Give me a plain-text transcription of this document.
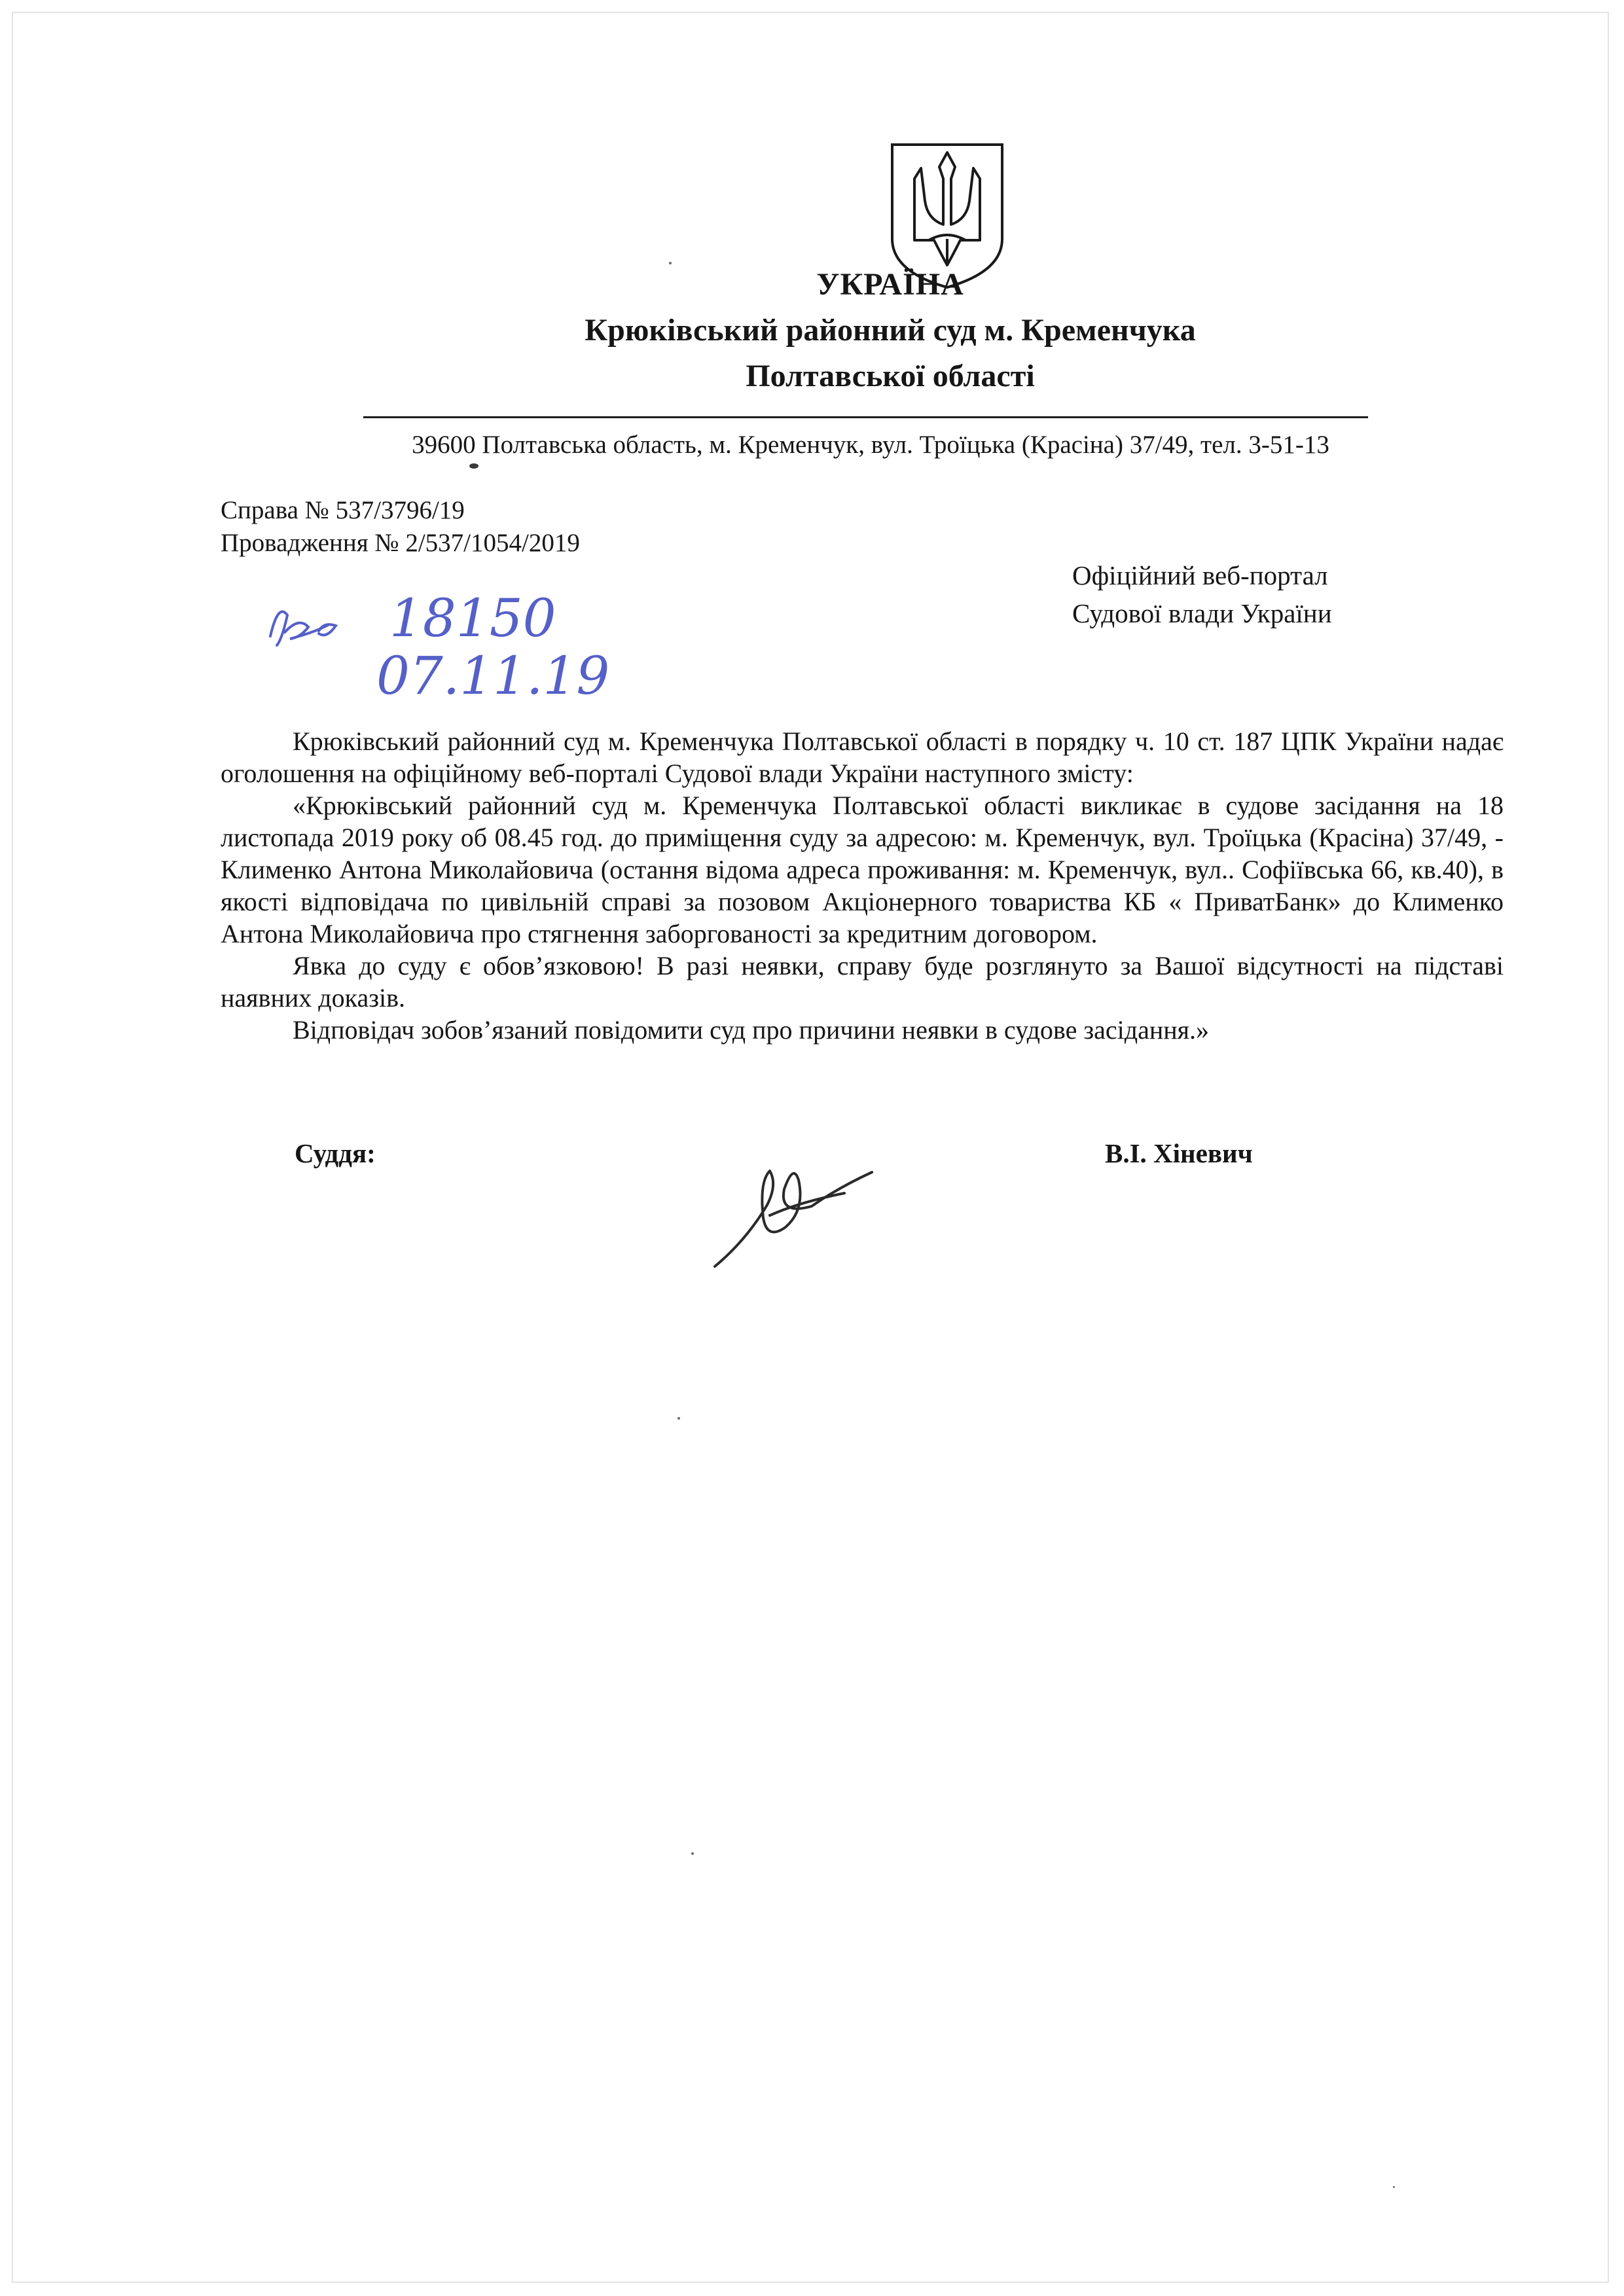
УКРАЇНА
Крюківський районний суд м. Кременчука
Полтавської області
39600 Полтавська область, м. Кременчук, вул. Троїцька (Красіна) 37/49, тел. 3-51-13
Справа № 537/3796/19
Провадження № 2/537/1054/2019
Офіційний веб-портал
Судової влади України
18150
07.11.19

Крюківський районний суд м. Кременчука Полтавської області в порядку ч. 10 ст. 187 ЦПК України надає оголошення на офіційному веб-порталі Судової влади України наступного змісту:

«Крюківський районний суд м. Кременчука Полтавської області викликає в судове засідання на 18 листопада 2019 року об 08.45 год. до приміщення суду за адресою: м. Кременчук, вул. Троїцька (Красіна) 37/49, - Клименко Антона Миколайовича (остання відома адреса проживання: м. Кременчук, вул.. Софіївська 66, кв.40), в якості відповідача по цивільній справі за позовом Акціонерного товариства КБ « ПриватБанк» до Клименко Антона Миколайовича про стягнення заборгованості за кредитним договором.

Явка до суду є обов’язковою! В разі неявки, справу буде розглянуто за Вашої відсутності на підставі наявних доказів.

Відповідач зобов’язаний повідомити суд про причини неявки в судове засідання.»

Суддя:	В.І. Хіневич
